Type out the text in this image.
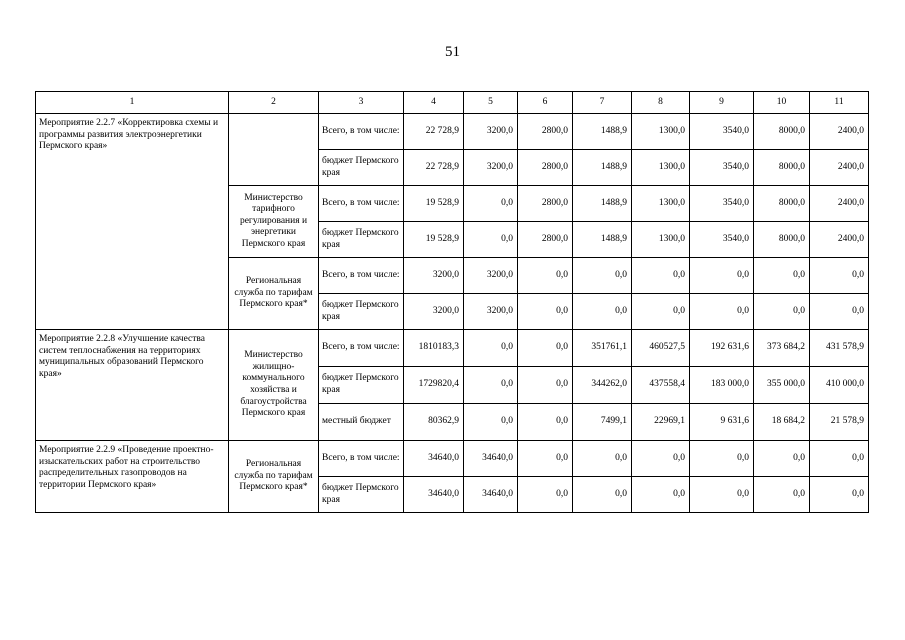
51
1	2	3	4	5	6	7	8	9	10	11
Мероприятие 2.2.7 «Корректировка схемы и программы развития электроэнергетики Пермского края»		Всего, в том числе:	22 728,9	3200,0	2800,0	1488,9	1300,0	3540,0	8000,0	2400,0
		бюджет Пермского края	22 728,9	3200,0	2800,0	1488,9	1300,0	3540,0	8000,0	2400,0
	Министерство тарифного регулирования и энергетики Пермского края	Всего, в том числе:	19 528,9	0,0	2800,0	1488,9	1300,0	3540,0	8000,0	2400,0
		бюджет Пермского края	19 528,9	0,0	2800,0	1488,9	1300,0	3540,0	8000,0	2400,0
	Региональная служба по тарифам Пермского края*	Всего, в том числе:	3200,0	3200,0	0,0	0,0	0,0	0,0	0,0	0,0
		бюджет Пермского края	3200,0	3200,0	0,0	0,0	0,0	0,0	0,0	0,0
Мероприятие 2.2.8 «Улучшение качества систем теплоснабжения на территориях муниципальных образований Пермского края»	Министерство жилищно-коммунального хозяйства и благоустройства Пермского края	Всего, в том числе:	1810183,3	0,0	0,0	351761,1	460527,5	192 631,6	373 684,2	431 578,9
		бюджет Пермского края	1729820,4	0,0	0,0	344262,0	437558,4	183 000,0	355 000,0	410 000,0
		местный бюджет	80362,9	0,0	0,0	7499,1	22969,1	9 631,6	18 684,2	21 578,9
Мероприятие 2.2.9 «Проведение проектно-изыскательских работ на строительство распределительных газопроводов на территории Пермского края»	Региональная служба по тарифам Пермского края*	Всего, в том числе:	34640,0	34640,0	0,0	0,0	0,0	0,0	0,0	0,0
		бюджет Пермского края	34640,0	34640,0	0,0	0,0	0,0	0,0	0,0	0,0
